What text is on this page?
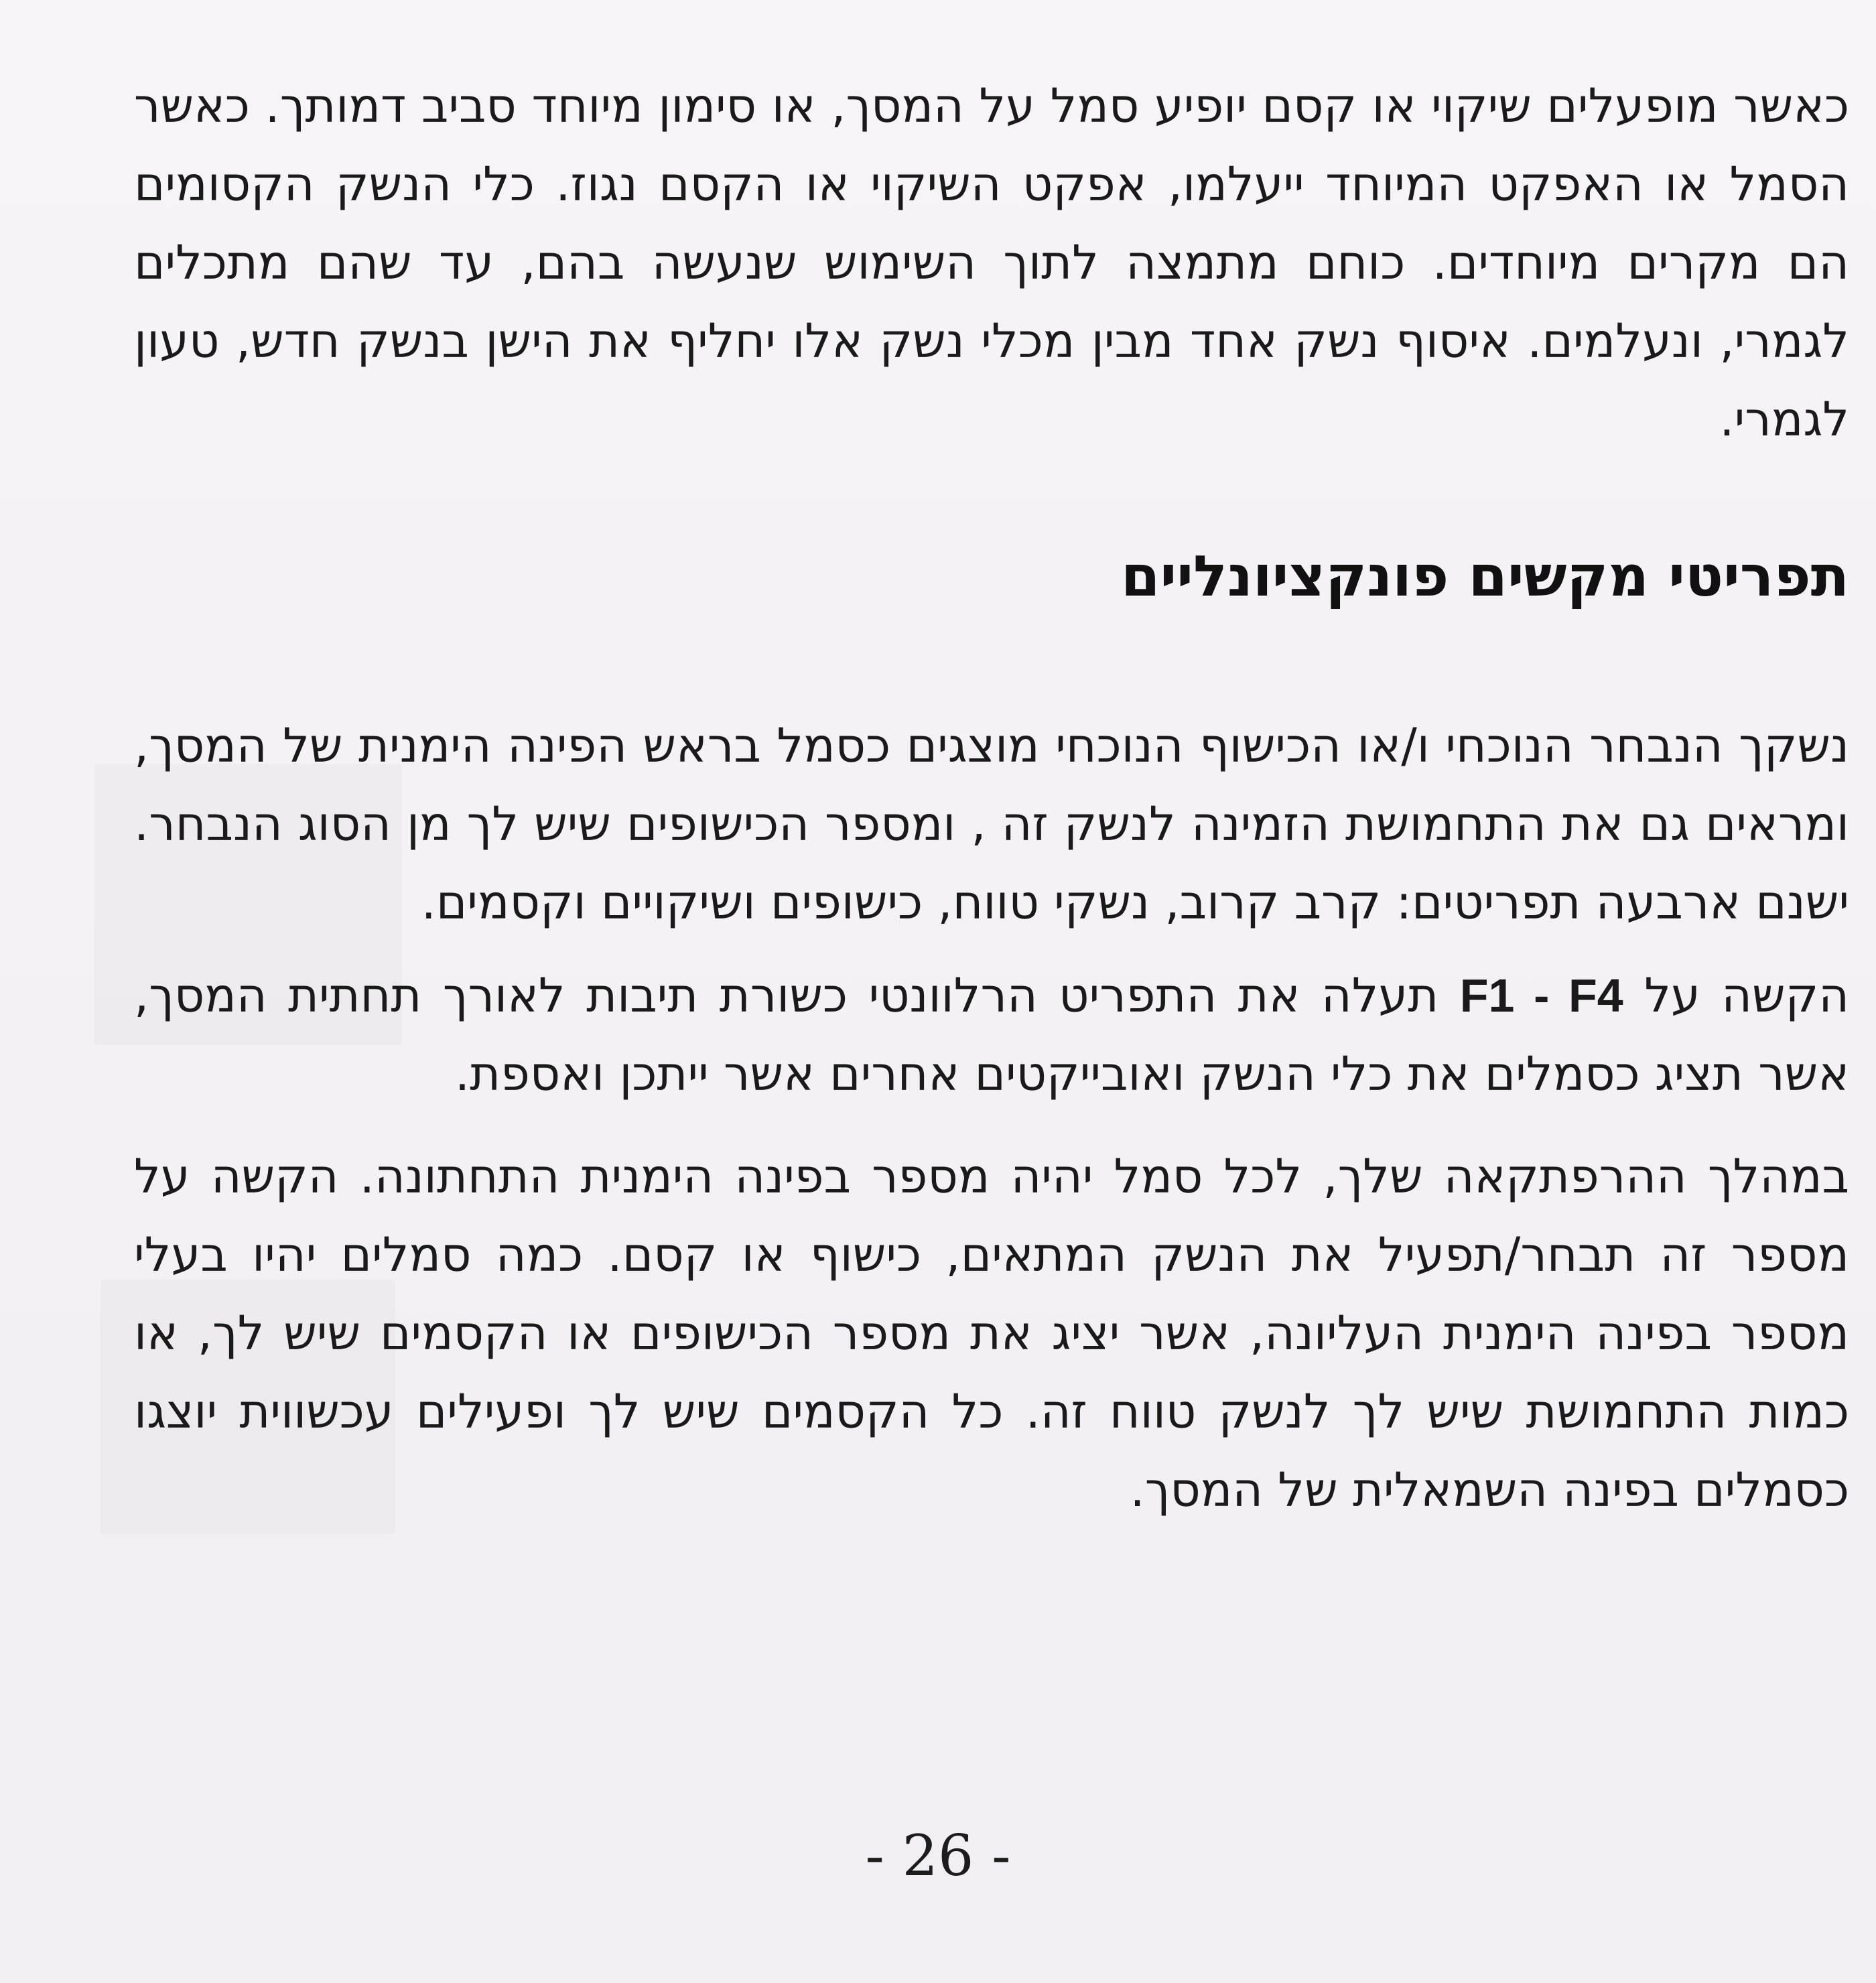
כאשר מופעלים שיקוי או קסם יופיע סמל על המסך, או סימון מיוחד סביב דמותך. כאשר הסמל או האפקט המיוחד ייעלמו, אפקט השיקוי או הקסם נגוז. כלי הנשק הקסומים הם מקרים מיוחדים. כוחם מתמצה לתוך השימוש שנעשה בהם, עד שהם מתכלים לגמרי, ונעלמים. איסוף נשק אחד מבין מכלי נשק אלו יחליף את הישן בנשק חדש, טעון לגמרי.

תפריטי מקשים פונקציונליים

נשקך הנבחר הנוכחי ו/או הכישוף הנוכחי מוצגים כסמל בראש הפינה הימנית של המסך, ומראים גם את התחמושת הזמינה לנשק זה , ומספר הכישופים שיש לך מן הסוג הנבחר. ישנם ארבעה תפריטים: קרב קרוב, נשקי טווח, כישופים ושיקויים וקסמים.

הקשה על F1 - F4 תעלה את התפריט הרלוונטי כשורת תיבות לאורך תחתית המסך, אשר תציג כסמלים את כלי הנשק ואובייקטים אחרים אשר ייתכן ואספת.

במהלך ההרפתקאה שלך, לכל סמל יהיה מספר בפינה הימנית התחתונה. הקשה על מספר זה תבחר/תפעיל את הנשק המתאים, כישוף או קסם. כמה סמלים יהיו בעלי מספר בפינה הימנית העליונה, אשר יציג את מספר הכישופים או הקסמים שיש לך, או כמות התחמושת שיש לך לנשק טווח זה. כל הקסמים שיש לך ופעילים עכשווית יוצגו כסמלים בפינה השמאלית של המסך.

- 26 -
